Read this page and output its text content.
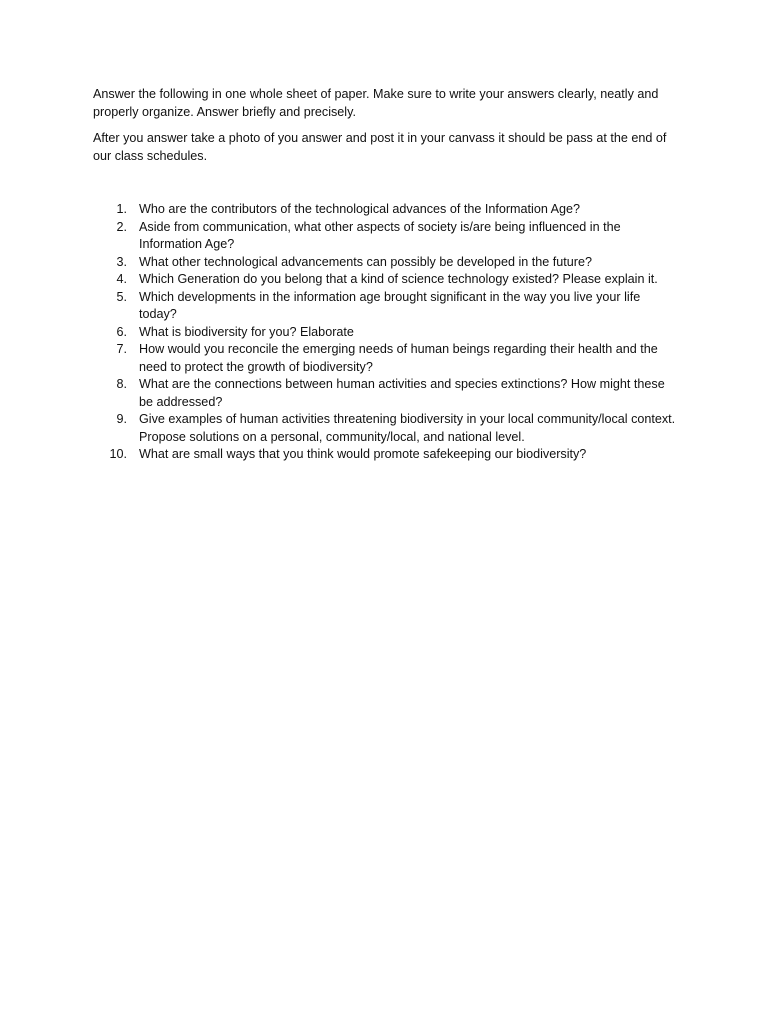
Answer the following in one whole sheet of paper. Make sure to write your answers clearly, neatly and properly organize. Answer briefly and precisely.

After you answer take a photo of you answer and post it in your canvass it should be pass at the end of our class schedules.

1. Who are the contributors of the technological advances of the Information Age?
2. Aside from communication, what other aspects of society is/are being influenced in the Information Age?
3. What other technological advancements can possibly be developed in the future?
4. Which Generation do you belong that a kind of science technology existed? Please explain it.
5. Which developments in the information age brought significant in the way you live your life today?
6. What is biodiversity for you? Elaborate
7. How would you reconcile the emerging needs of human beings regarding their health and the need to protect the growth of biodiversity?
8. What are the connections between human activities and species extinctions? How might these be addressed?
9. Give examples of human activities threatening biodiversity in your local community/local context. Propose solutions on a personal, community/local, and national level.
10. What are small ways that you think would promote safekeeping our biodiversity?
